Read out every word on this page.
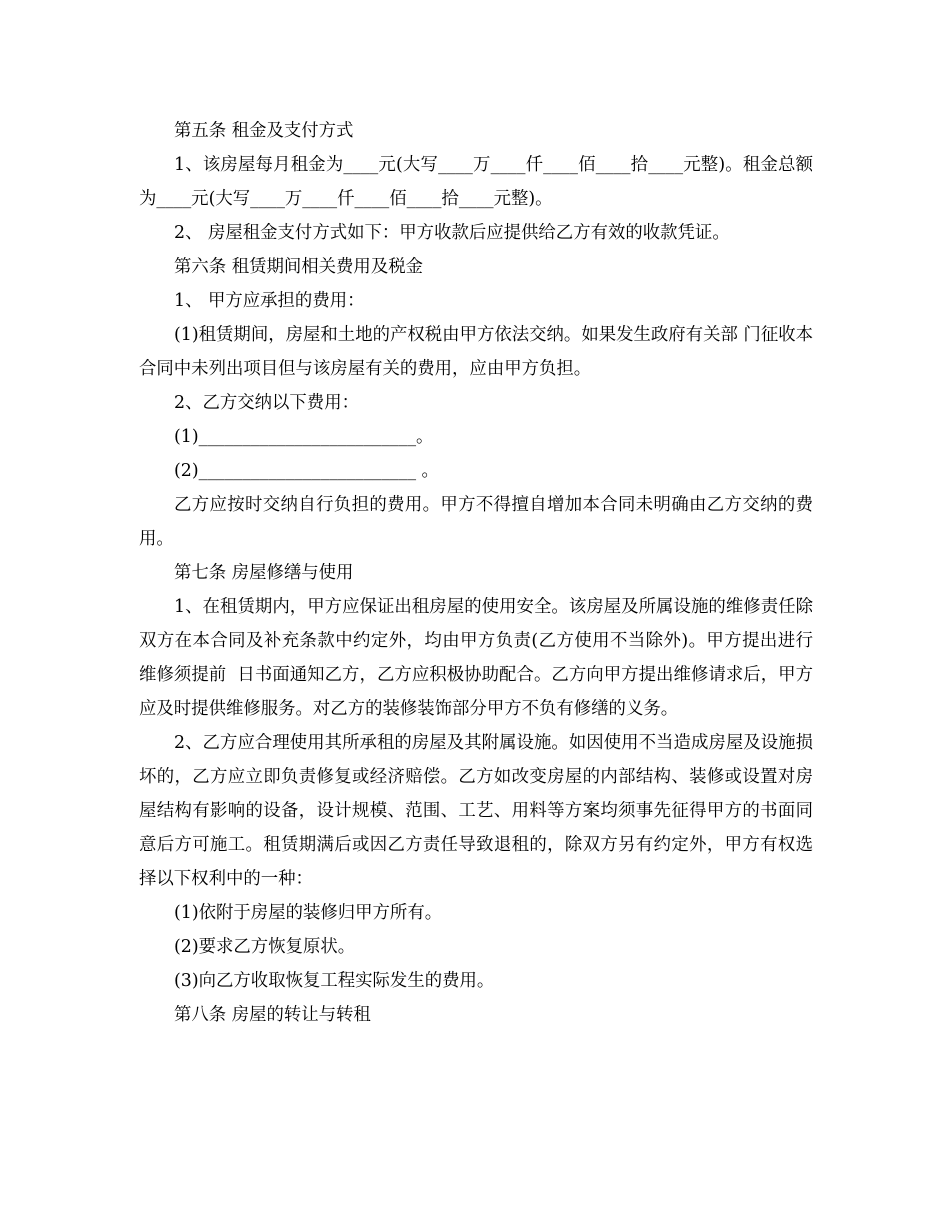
第五条 租金及支付方式

1、该房屋每月租金为____元(大写____万____仟____佰____拾____元整)。租金总额为____元(大写____万____仟____佰____拾____元整)。

2、 房屋租金支付方式如下：甲方收款后应提供给乙方有效的收款凭证。

第六条 租赁期间相关费用及税金

1、 甲方应承担的费用：

(1)租赁期间，房屋和土地的产权税由甲方依法交纳。如果发生政府有关部 门征收本合同中未列出项目但与该房屋有关的费用，应由甲方负担。

2、乙方交纳以下费用：

(1)_________________________。

(2)_________________________ 。

乙方应按时交纳自行负担的费用。甲方不得擅自增加本合同未明确由乙方交纳的费用。

第七条 房屋修缮与使用

1、在租赁期内，甲方应保证出租房屋的使用安全。该房屋及所属设施的维修责任除双方在本合同及补充条款中约定外，均由甲方负责(乙方使用不当除外)。甲方提出进行维修须提前  日书面通知乙方，乙方应积极协助配合。乙方向甲方提出维修请求后，甲方应及时提供维修服务。对乙方的装修装饰部分甲方不负有修缮的义务。

2、乙方应合理使用其所承租的房屋及其附属设施。如因使用不当造成房屋及设施损坏的，乙方应立即负责修复或经济赔偿。乙方如改变房屋的内部结构、装修或设置对房屋结构有影响的设备，设计规模、范围、工艺、用料等方案均须事先征得甲方的书面同意后方可施工。租赁期满后或因乙方责任导致退租的，除双方另有约定外，甲方有权选择以下权利中的一种：

(1)依附于房屋的装修归甲方所有。

(2)要求乙方恢复原状。

(3)向乙方收取恢复工程实际发生的费用。

第八条 房屋的转让与转租
